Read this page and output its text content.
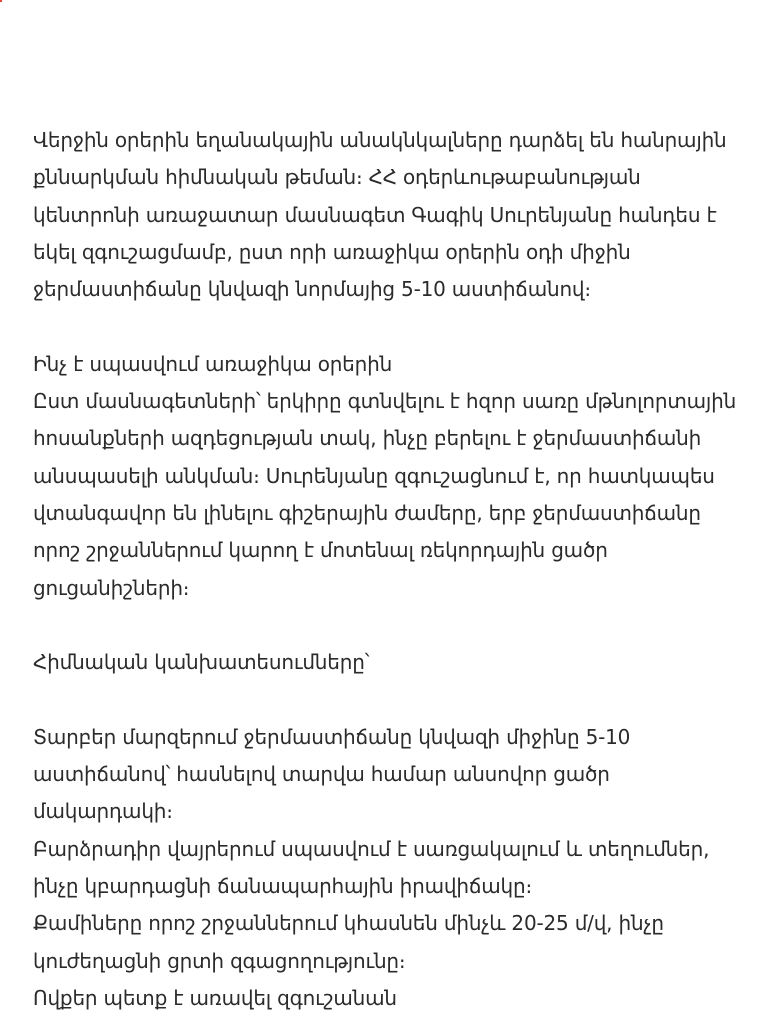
Վերջին օրերին եղանակային անակնկալները դարձել են հանրային
քննարկման հիմնական թեման։ ՀՀ օդերևութաբանության
կենտրոնի առաջատար մասնագետ Գագիկ Սուրենյանը հանդես է
եկել զգուշացմամբ, ըստ որի առաջիկա օրերին օդի միջին
ջերմաստիճանը կնվազի նորմայից 5-10 աստիճանով։
Ինչ է սպասվում առաջիկա օրերին
Ըստ մասնագետների՝ երկիրը գտնվելու է հզոր սառը մթնոլորտային
հոսանքների ազդեցության տակ, ինչը բերելու է ջերմաստիճանի
անսպասելի անկման։ Սուրենյանը զգուշացնում է, որ հատկապես
վտանգավոր են լինելու գիշերային ժամերը, երբ ջերմաստիճանը
որոշ շրջաններում կարող է մոտենալ ռեկորդային ցածր
ցուցանիշների։
Հիմնական կանխատեսումները՝
Տարբեր մարզերում ջերմաստիճանը կնվազի միջինը 5-10
աստիճանով՝ հասնելով տարվա համար անսովոր ցածր
մակարդակի։
Բարձրադիր վայրերում սպասվում է սառցակալում և տեղումներ,
ինչը կբարդացնի ճանապարհային իրավիճակը։
Քամիները որոշ շրջաններում կհասնեն մինչև 20-25 մ/վ, ինչը
կուժեղացնի ցրտի զգացողությունը։
Ովքեր պետք է առավել զգուշանան
